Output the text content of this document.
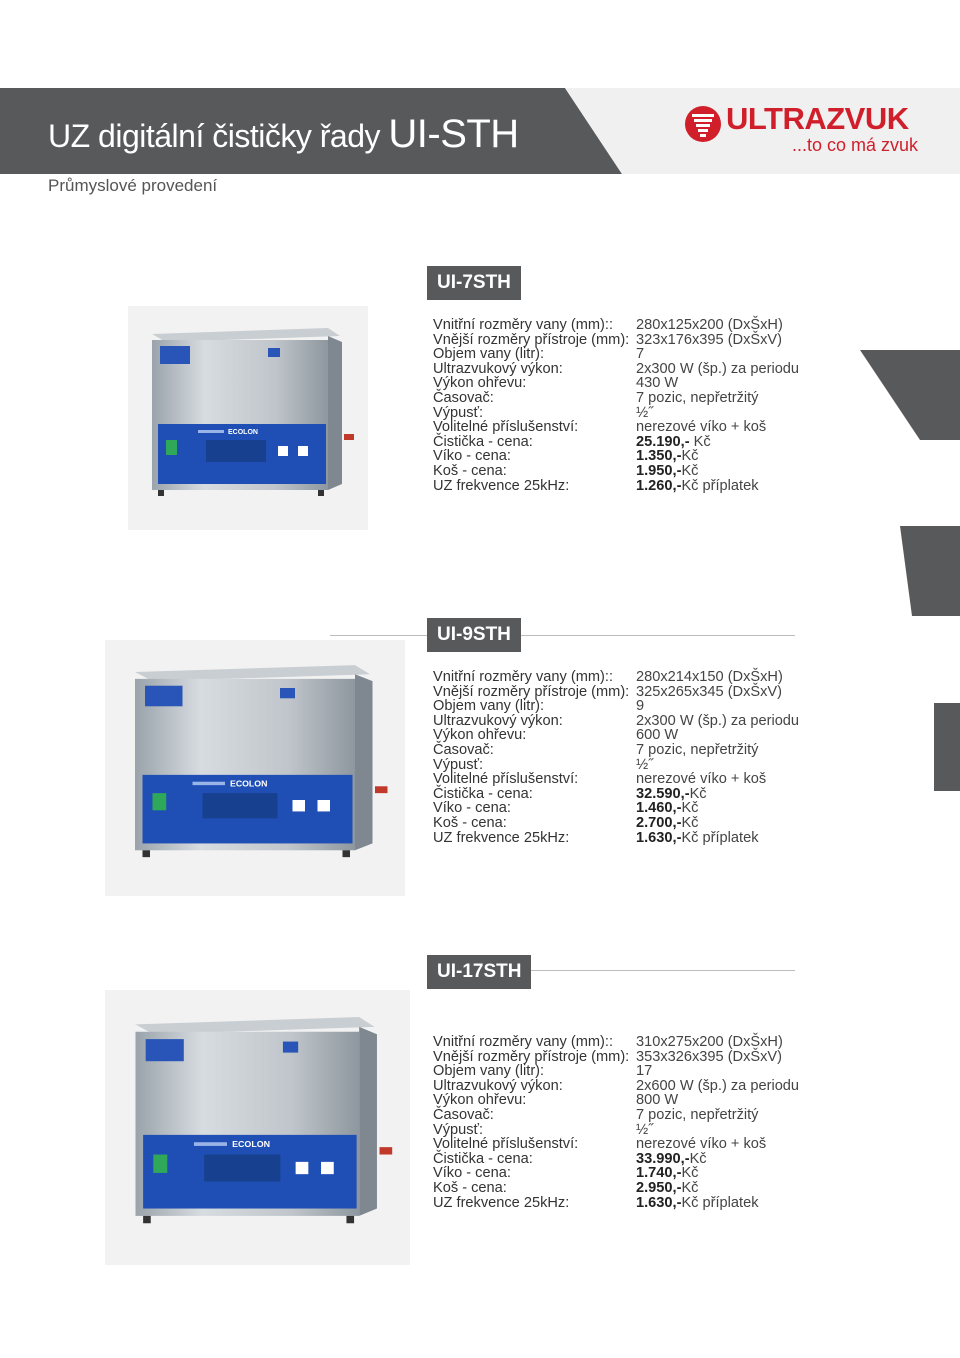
UZ digitální čističky řady UI-STH
Průmyslové provedení
ULTRAZVUK
...to co má zvuk
UI-7STH
ECOLON
Vnitřní rozměry vany (mm):: 280x125x200 (DxŠxH)
Vnější rozměry přístroje (mm): 323x176x395 (DxŠxV)
Objem vany (litr):	7
Ultrazvukový výkon:	2x300 W (šp.) za periodu
Výkon ohřevu:	430 W
Časovač:	7 pozic, nepřetržitý
Výpusť:	½˝
Volitelné příslušenství:	nerezové víko + koš
Čistička - cena:	25.190,- Kč
Víko - cena:	1.350,-Kč
Koš - cena:	1.950,-Kč
UZ frekvence 25kHz:	1.260,-Kč příplatek
UI-9STH
ECOLON
Vnitřní rozměry vany (mm):: 280x214x150 (DxŠxH)
Vnější rozměry přístroje (mm): 325x265x345 (DxŠxV)
Objem vany (litr):	9
Ultrazvukový výkon:	2x300 W (šp.) za periodu
Výkon ohřevu:	600 W
Časovač:	7 pozic, nepřetržitý
Výpusť:	½˝
Volitelné příslušenství:	nerezové víko + koš
Čistička - cena:	32.590,-Kč
Víko - cena:	1.460,-Kč
Koš - cena:	2.700,-Kč
UZ frekvence 25kHz:	1.630,-Kč příplatek
UI-17STH
ECOLON
Vnitřní rozměry vany (mm):: 310x275x200 (DxŠxH)
Vnější rozměry přístroje (mm): 353x326x395 (DxŠxV)
Objem vany (litr):	17
Ultrazvukový výkon:	2x600 W (šp.) za periodu
Výkon ohřevu:	800 W
Časovač:	7 pozic, nepřetržitý
Výpusť:	½˝
Volitelné příslušenství:	nerezové víko + koš
Čistička - cena:	33.990,-Kč
Víko - cena:	1.740,-Kč
Koš - cena:	2.950,-Kč
UZ frekvence 25kHz:	1.630,-Kč příplatek
